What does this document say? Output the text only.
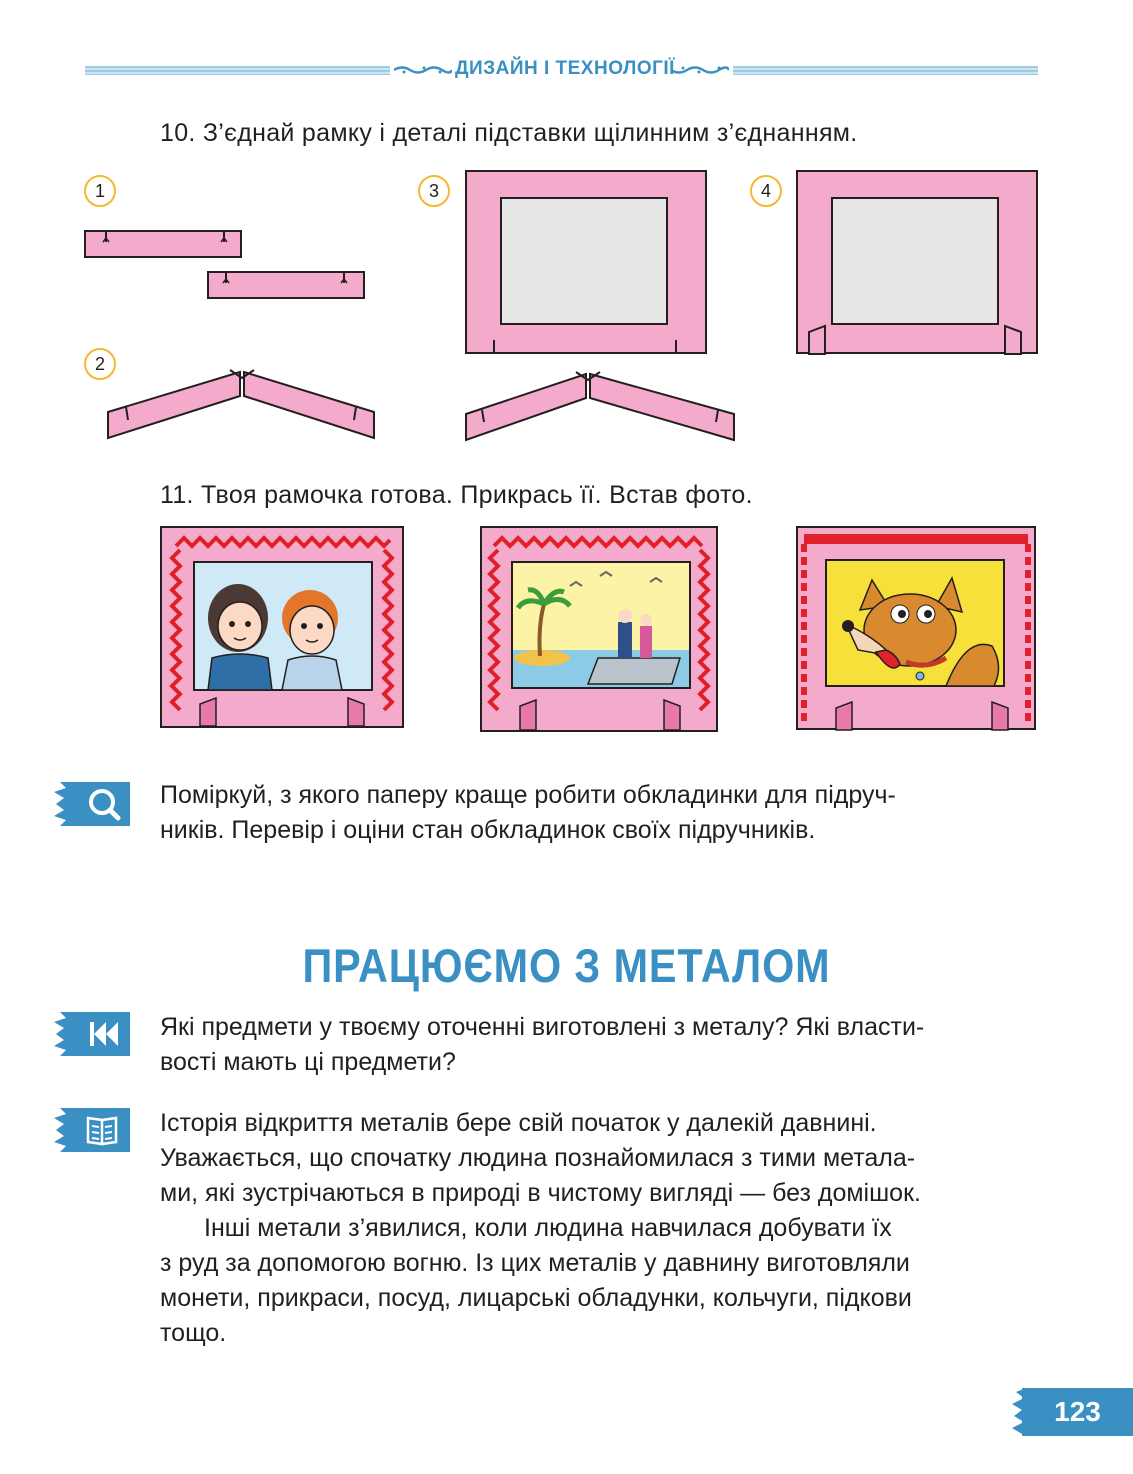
ДИЗАЙН І ТЕХНОЛОГІЇ
10. З’єднай рамку і деталі підставки щілинним з’єднанням.
1
2
3	4
11. Твоя рамочка готова. Прикрась її. Встав фото.
Поміркуй, з якого паперу краще робити обкладинки для підруч-
ників. Перевір і оціни стан обкладинок своїх підручників.
ПРАЦЮЄМО З МЕТАЛОМ
Які предмети у твоєму оточенні виготовлені з металу? Які власти-
вості мають ці предмети?
Історія відкриття металів бере свій початок у далекій давнині.
Уважається, що спочатку людина познайомилася з тими метала-
ми, які зустрічаються в природі в чистому вигляді — без домішок.
Інші метали з’явилися, коли людина навчилася добувати їх
з руд за допомогою вогню. Із цих металів у давнину виготовляли
монети, прикраси, посуд, лицарські обладунки, кольчуги, підкови
тощо.
123
